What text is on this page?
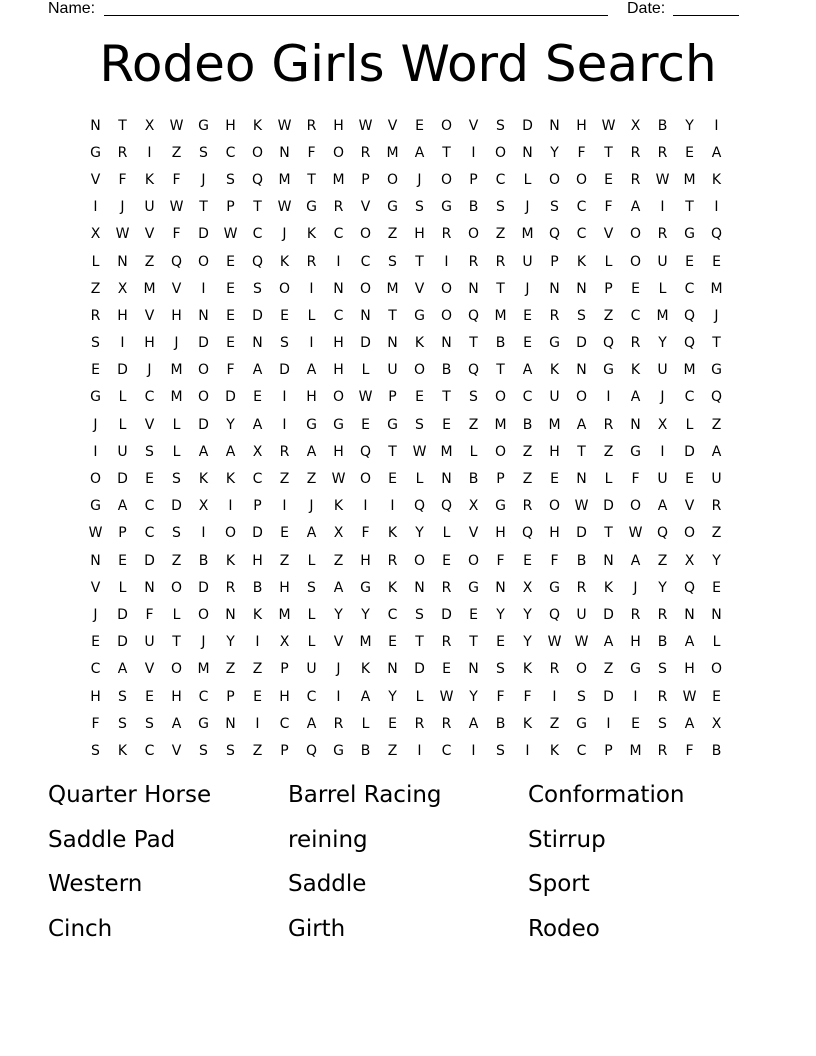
Name:	Date:
Rodeo Girls Word Search
N	T	X	W	G	H	K	W	R	H	W	V	E	O	V	S	D	N	H	W	X	B	Y	I
G	R	I	Z	S	C	O	N	F	O	R	M	A	T	I	O	N	Y	F	T	R	R	E	A
V	F	K	F	J	S	Q	M	T	M	P	O	J	O	P	C	L	O	O	E	R	W	M	K
I	J	U	W	T	P	T	W	G	R	V	G	S	G	B	S	J	S	C	F	A	I	T	I
X	W	V	F	D	W	C	J	K	C	O	Z	H	R	O	Z	M	Q	C	V	O	R	G	Q
L	N	Z	Q	O	E	Q	K	R	I	C	S	T	I	R	R	U	P	K	L	O	U	E	E
Z	X	M	V	I	E	S	O	I	N	O	M	V	O	N	T	J	N	N	P	E	L	C	M
R	H	V	H	N	E	D	E	L	C	N	T	G	O	Q	M	E	R	S	Z	C	M	Q	J
S	I	H	J	D	E	N	S	I	H	D	N	K	N	T	B	E	G	D	Q	R	Y	Q	T
E	D	J	M	O	F	A	D	A	H	L	U	O	B	Q	T	A	K	N	G	K	U	M	G
G	L	C	M	O	D	E	I	H	O	W	P	E	T	S	O	C	U	O	I	A	J	C	Q
J	L	V	L	D	Y	A	I	G	G	E	G	S	E	Z	M	B	M	A	R	N	X	L	Z
I	U	S	L	A	A	X	R	A	H	Q	T	W	M	L	O	Z	H	T	Z	G	I	D	A
O	D	E	S	K	K	C	Z	Z	W	O	E	L	N	B	P	Z	E	N	L	F	U	E	U
G	A	C	D	X	I	P	I	J	K	I	I	Q	Q	X	G	R	O	W	D	O	A	V	R
W	P	C	S	I	O	D	E	A	X	F	K	Y	L	V	H	Q	H	D	T	W	Q	O	Z
N	E	D	Z	B	K	H	Z	L	Z	H	R	O	E	O	F	E	F	B	N	A	Z	X	Y
V	L	N	O	D	R	B	H	S	A	G	K	N	R	G	N	X	G	R	K	J	Y	Q	E
J	D	F	L	O	N	K	M	L	Y	Y	C	S	D	E	Y	Y	Q	U	D	R	R	N	N
E	D	U	T	J	Y	I	X	L	V	M	E	T	R	T	E	Y	W W	A	H	B	A	L
C	A	V	O	M	Z	Z	P	U	J	K	N	D	E	N	S	K	R	O	Z	G	S	H	O
H	S	E	H	C	P	E	H	C	I	A	Y	L	W	Y	F	F	I	S	D	I	R	W	E
F	S	S	A	G	N	I	C	A	R	L	E	R	R	A	B	K	Z	G	I	E	S	A	X
S	K	C	V	S	S	Z	P	Q	G	B	Z	I	C	I	S	I	K	C	P	M	R	F	B
Quarter Horse	Barrel Racing	Conformation
Saddle Pad	reining	Stirrup
Western	Saddle	Sport
Cinch	Girth	Rodeo
